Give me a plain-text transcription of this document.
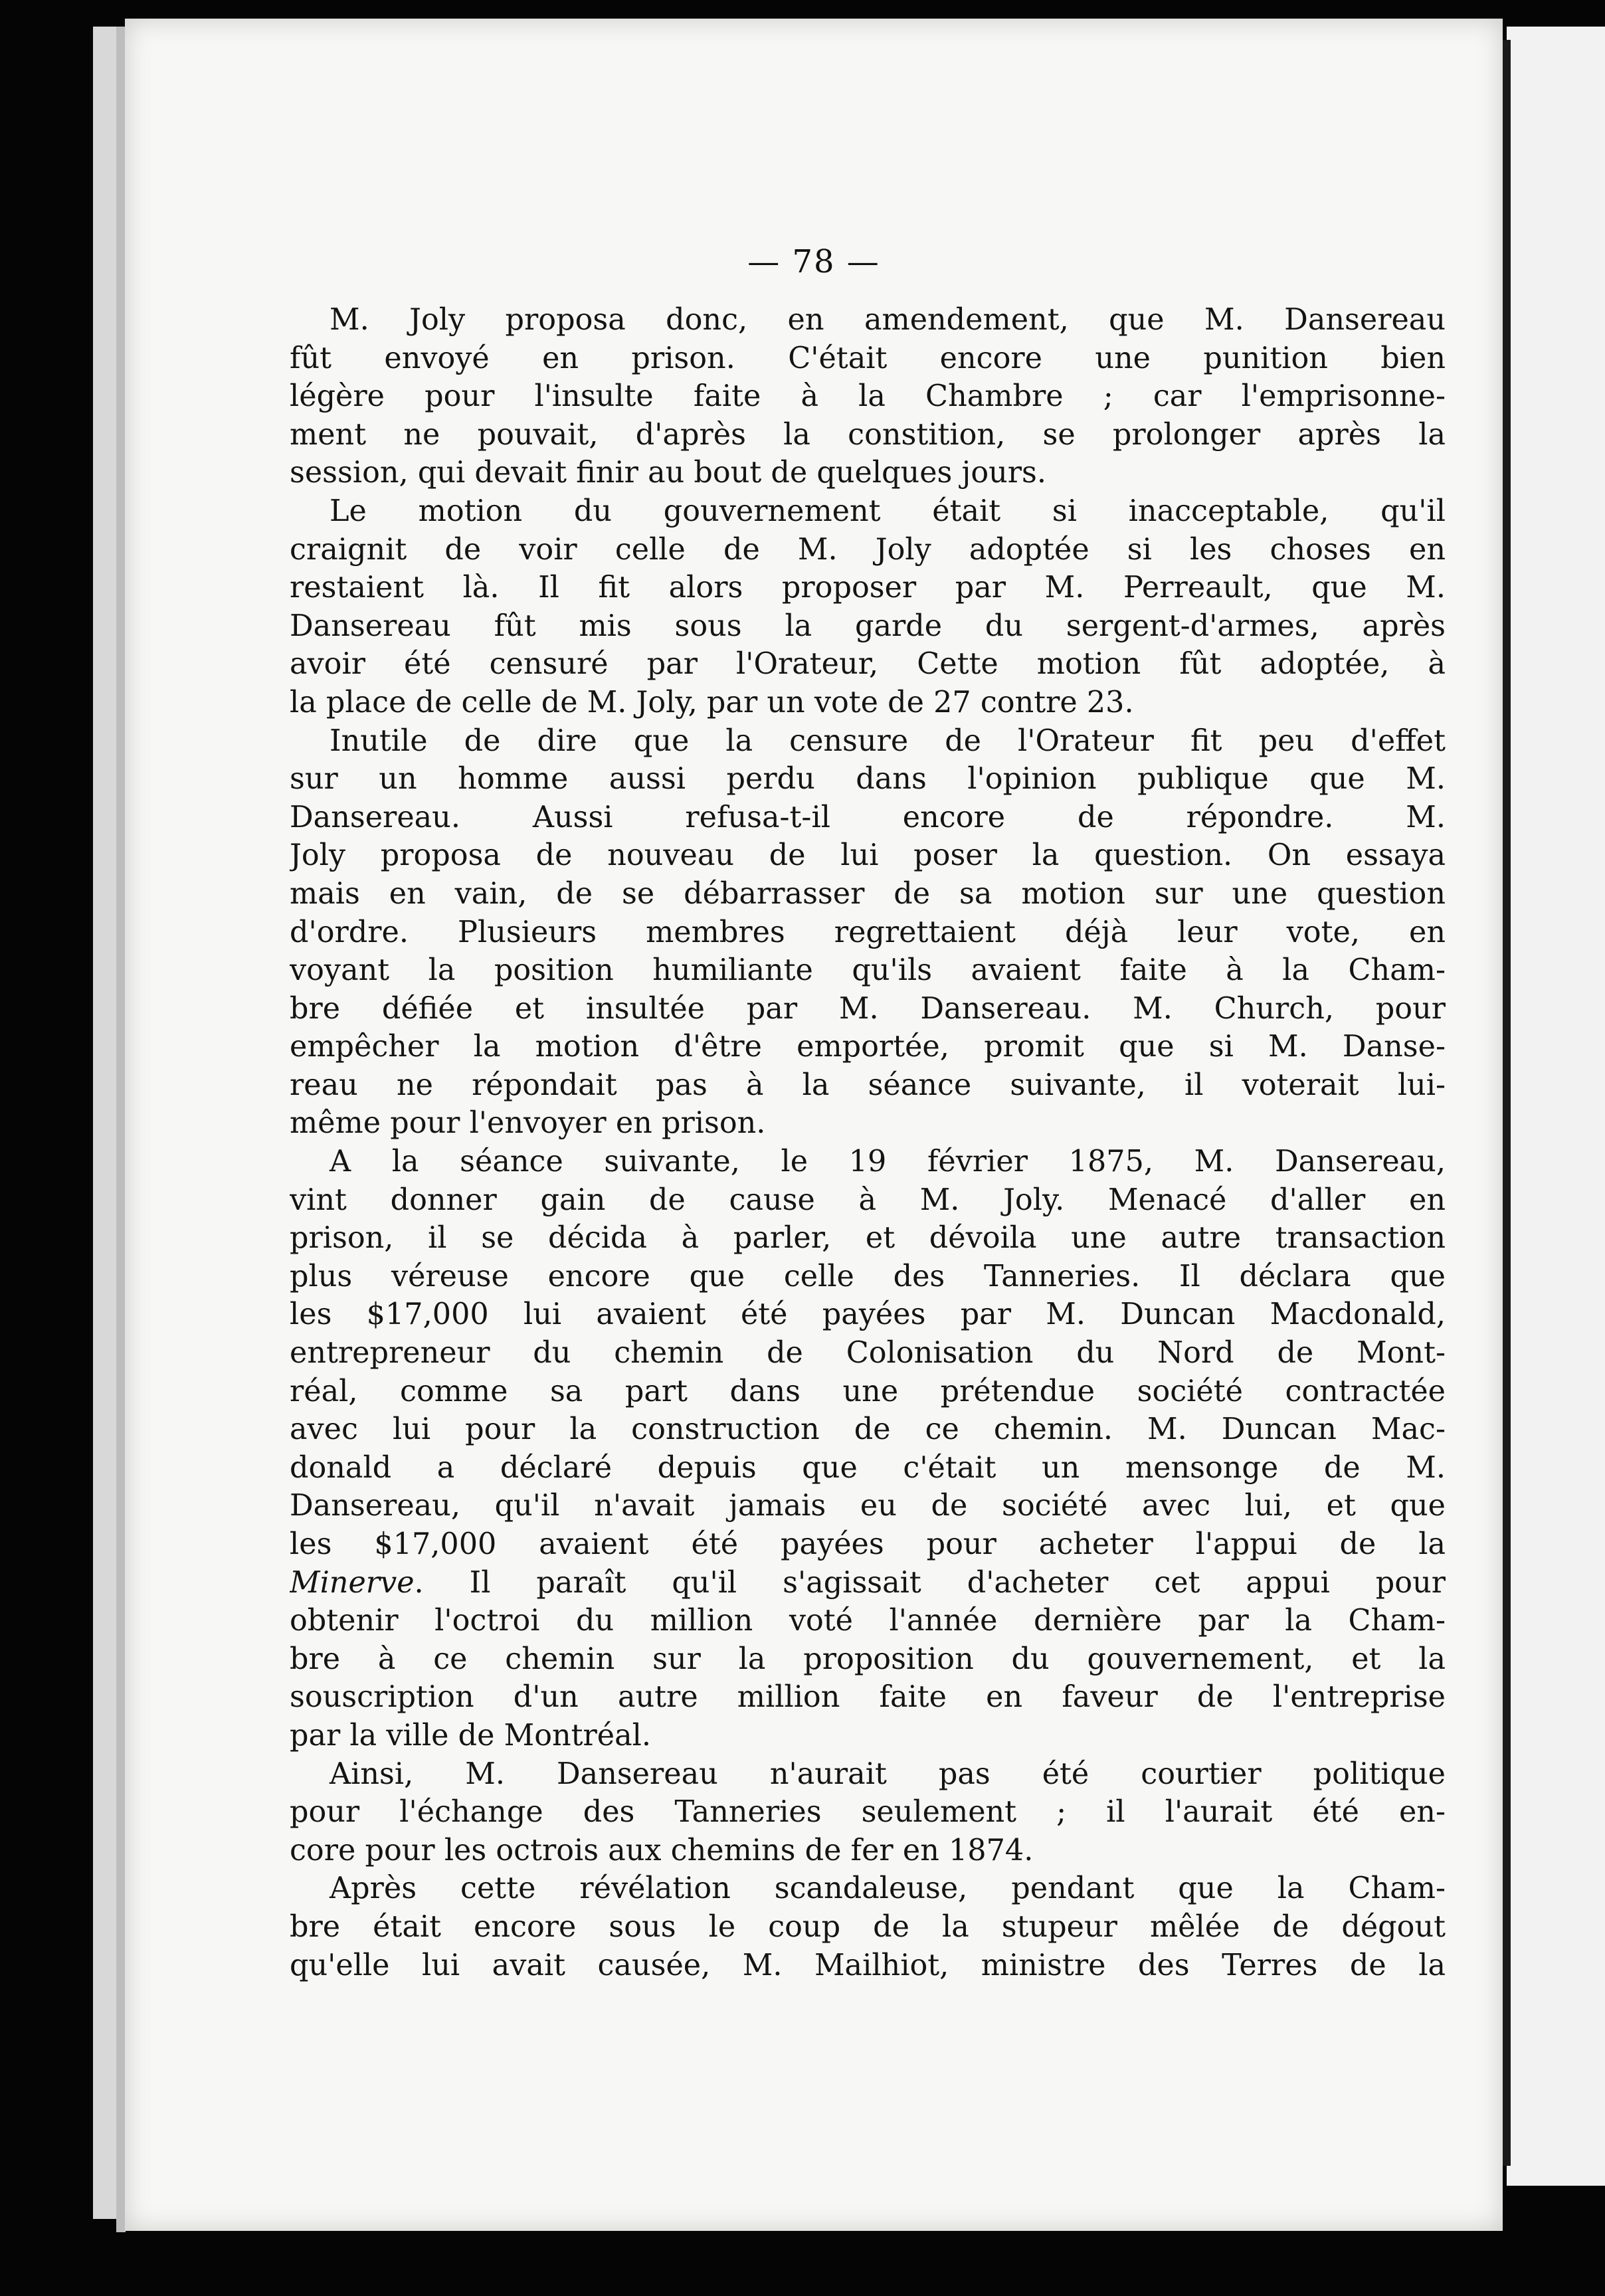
— 78 —
M. Joly proposa donc, en amendement, que M. Dansereau
fût envoyé en prison. C'était encore une punition bien
légère pour l'insulte faite à la Chambre ; car l'emprisonne-
ment ne pouvait, d'après la constition, se prolonger après la
session, qui devait finir au bout de quelques jours.
Le motion du gouvernement était si inacceptable, qu'il
craignit de voir celle de M. Joly adoptée si les choses en
restaient là. Il fit alors proposer par M. Perreault, que M.
Dansereau fût mis sous la garde du sergent-d'armes, après
avoir été censuré par l'Orateur, Cette motion fût adoptée, à
la place de celle de M. Joly, par un vote de 27 contre 23.
Inutile de dire que la censure de l'Orateur fit peu d'effet
sur un homme aussi perdu dans l'opinion publique que M.
Dansereau. Aussi refusa-t-il encore de répondre. M.
Joly proposa de nouveau de lui poser la question. On essaya
mais en vain, de se débarrasser de sa motion sur une question
d'ordre. Plusieurs membres regrettaient déjà leur vote, en
voyant la position humiliante qu'ils avaient faite à la Cham-
bre défiée et insultée par M. Dansereau. M. Church, pour
empêcher la motion d'être emportée, promit que si M. Danse-
reau ne répondait pas à la séance suivante, il voterait lui-
même pour l'envoyer en prison.
A la séance suivante, le 19 février 1875, M. Dansereau,
vint donner gain de cause à M. Joly. Menacé d'aller en
prison, il se décida à parler, et dévoila une autre transaction
plus véreuse encore que celle des Tanneries. Il déclara que
les $17,000 lui avaient été payées par M. Duncan Macdonald,
entrepreneur du chemin de Colonisation du Nord de Mont-
réal, comme sa part dans une prétendue société contractée
avec lui pour la construction de ce chemin. M. Duncan Mac-
donald a déclaré depuis que c'était un mensonge de M.
Dansereau, qu'il n'avait jamais eu de société avec lui, et que
les $17,000 avaient été payées pour acheter l'appui de la
Minerve. Il paraît qu'il s'agissait d'acheter cet appui pour
obtenir l'octroi du million voté l'année dernière par la Cham-
bre à ce chemin sur la proposition du gouvernement, et la
souscription d'un autre million faite en faveur de l'entreprise
par la ville de Montréal.
Ainsi, M. Dansereau n'aurait pas été courtier politique
pour l'échange des Tanneries seulement ; il l'aurait été en-
core pour les octrois aux chemins de fer en 1874.
Après cette révélation scandaleuse, pendant que la Cham-
bre était encore sous le coup de la stupeur mêlée de dégout
qu'elle lui avait causée, M. Mailhiot, ministre des Terres de la
